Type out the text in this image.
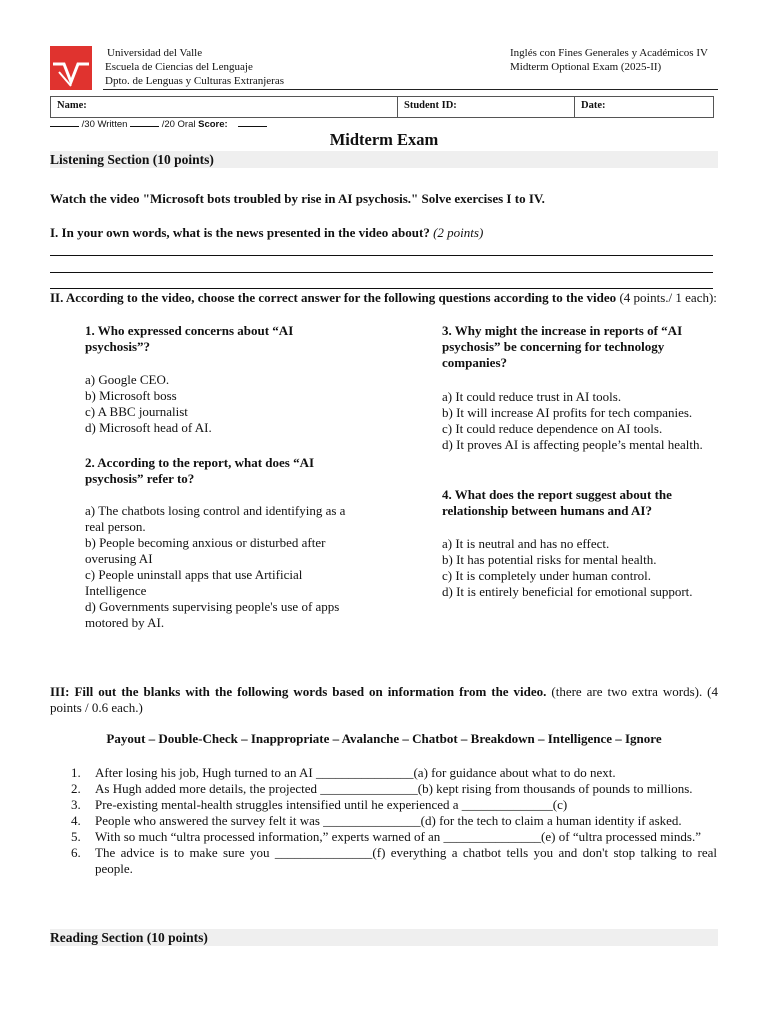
Universidad del Valle
Escuela de Ciencias del Lenguaje
Dpto. de Lenguas y Culturas Extranjeras
Inglés con Fines Generales y Académicos IV
Midterm Optional Exam (2025-II)
Name:	Student ID:	Date:
/30 Written	/20 Oral Score:
Midterm Exam
Listening Section (10 points)
Watch the video "Microsoft bots troubled by rise in AI psychosis." Solve exercises I to IV.
I. In your own words, what is the news presented in the video about? (2 points)
II. According to the video, choose the correct answer for the following questions according to the video (4 points./ 1 each):

1. Who expressed concerns about “AI psychosis”?

a) Google CEO.

b) Microsoft boss

c) A BBC journalist

d) Microsoft head of AI.

2. According to the report, what does “AI psychosis” refer to?

a) The chatbots losing control and identifying as a real person.

b) People becoming anxious or disturbed after overusing AI

c) People uninstall apps that use Artificial Intelligence

d) Governments supervising people's use of apps motored by AI.

3. Why might the increase in reports of “AI psychosis” be concerning for technology companies?

a) It could reduce trust in AI tools.

b) It will increase AI profits for tech companies.

c) It could reduce dependence on AI tools.

d) It proves AI is affecting people’s mental health.

4. What does the report suggest about the relationship between humans and AI?

a) It is neutral and has no effect.

b) It has potential risks for mental health.

c) It is completely under human control.

d) It is entirely beneficial for emotional support.

III: Fill out the blanks with the following words based on information from the video. (there are two extra words). (4 points / 0.6 each.)
Payout – Double-Check – Inappropriate – Avalanche – Chatbot – Breakdown – Intelligence – Ignore
1.	After losing his job, Hugh turned to an AI _______________(a) for guidance about what to do next.
2.	As Hugh added more details, the projected _______________(b) kept rising from thousands of pounds to millions.
3.	Pre-existing mental-health struggles intensified until he experienced a ______________(c)
4.	People who answered the survey felt it was _______________(d) for the tech to claim a human identity if asked.
5.	With so much “ultra processed information,” experts warned of an _______________(e) of “ultra processed minds.”
6.	The advice is to make sure you _______________(f) everything a chatbot tells you and don't stop talking to real people.
Reading Section (10 points)
